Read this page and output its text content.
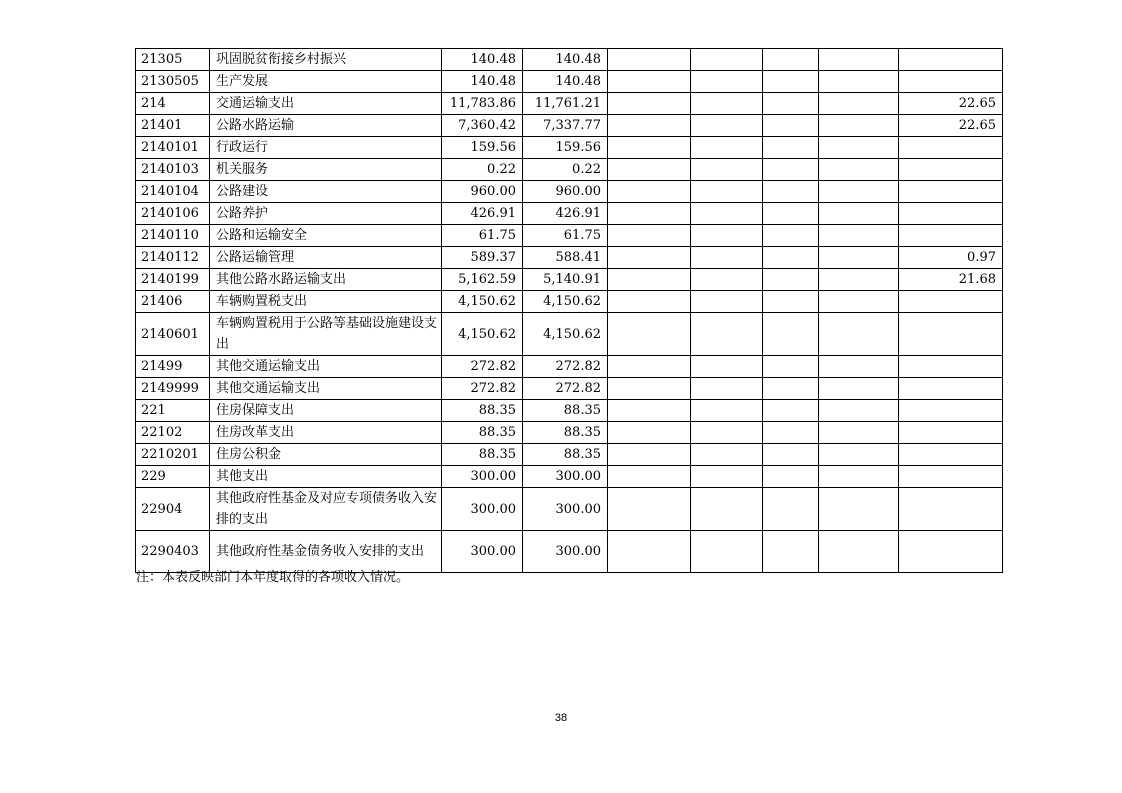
21305	巩固脱贫衔接乡村振兴	140.48	140.48					
2130505	生产发展	140.48	140.48					
214	交通运输支出	11,783.86	11,761.21					22.65
21401	公路水路运输	7,360.42	7,337.77					22.65
2140101	行政运行	159.56	159.56					
2140103	机关服务	0.22	0.22					
2140104	公路建设	960.00	960.00					
2140106	公路养护	426.91	426.91					
2140110	公路和运输安全	61.75	61.75					
2140112	公路运输管理	589.37	588.41					0.97
2140199	其他公路水路运输支出	5,162.59	5,140.91					21.68
21406	车辆购置税支出	4,150.62	4,150.62					
2140601	车辆购置税用于公路等基础设施建设支出	4,150.62	4,150.62					
21499	其他交通运输支出	272.82	272.82					
2149999	其他交通运输支出	272.82	272.82					
221	住房保障支出	88.35	88.35					
22102	住房改革支出	88.35	88.35					
2210201	住房公积金	88.35	88.35					
229	其他支出	300.00	300.00					
22904	其他政府性基金及对应专项债务收入安排的支出	300.00	300.00					
2290403	其他政府性基金债务收入安排的支出	300.00	300.00					
注：本表反映部门本年度取得的各项收入情况。
38
